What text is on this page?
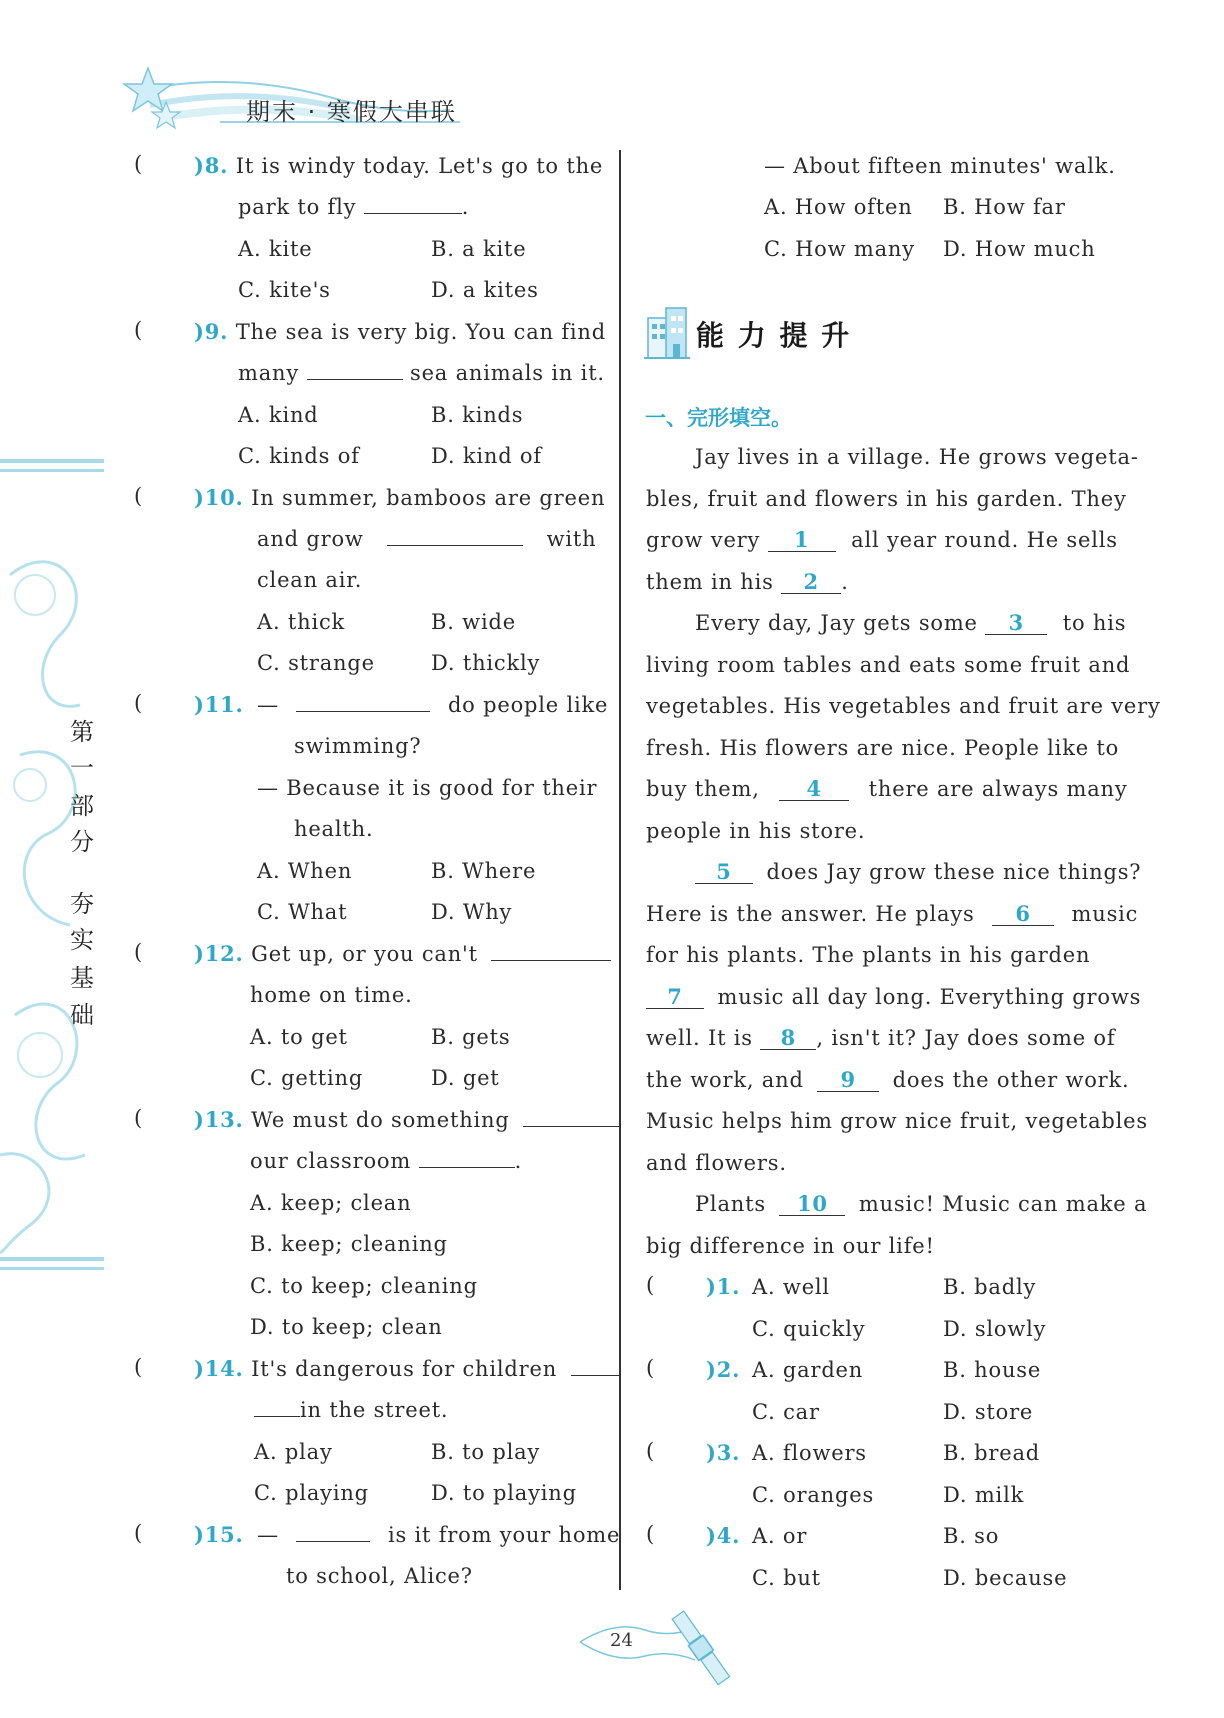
期末 · 寒假大串联
第
一
部
分
夯
实
基
础
( )8. It is windy today. Let's go to the
park to fly	.
A. kite	B. a kite
C. kite's	D. a kites
( )9. The sea is very big. You can find
many	sea animals in it.
A. kind	B. kinds
C. kinds of	D. kind of
( )10. In summer, bamboos are green
and grow	with
clean air.
A. thick	B. wide
C. strange	D. thickly
( )11. —	do people like
swimming?
— Because it is good for their
health.
A. When	B. Where
C. What	D. Why
( )12. Get up, or you can't
home on time.
A. to get	B. gets
C. getting	D. get
( )13. We must do something
our classroom	.
A. keep; clean
B. keep; cleaning
C. to keep; cleaning
D. to keep; clean
( )14. It's dangerous for children
in the street.
A. play	B. to play
C. playing	D. to playing
( )15. —	is it from your home
to school, Alice?
— About fifteen minutes' walk.
A. How often B. How far
C. How many D. How much
能 力 提 升
一、完形填空。
Jay lives in a village. He grows vegeta-
bles, fruit and flowers in his garden. They
grow very 1 all year round. He sells
them in his 2 .
Every day, Jay gets some 3 to his
living room tables and eats some fruit and
vegetables. His vegetables and fruit are very
fresh. His flowers are nice. People like to
buy them, 4 there are always many
people in his store.
5 does Jay grow these nice things?
Here is the answer. He plays 6 music
for his plants. The plants in his garden
7 music all day long. Everything grows
well. It is 8 , isn't it? Jay does some of
the work, and 9 does the other work.
Music helps him grow nice fruit, vegetables
and flowers.
Plants 10 music! Music can make a
big difference in our life!
( )1. A. well	B. badly
C. quickly	D. slowly
( )2. A. garden	B. house
C. car	D. store
( )3. A. flowers	B. bread
C. oranges	D. milk
( )4. A. or	B. so
C. but	D. because
24
